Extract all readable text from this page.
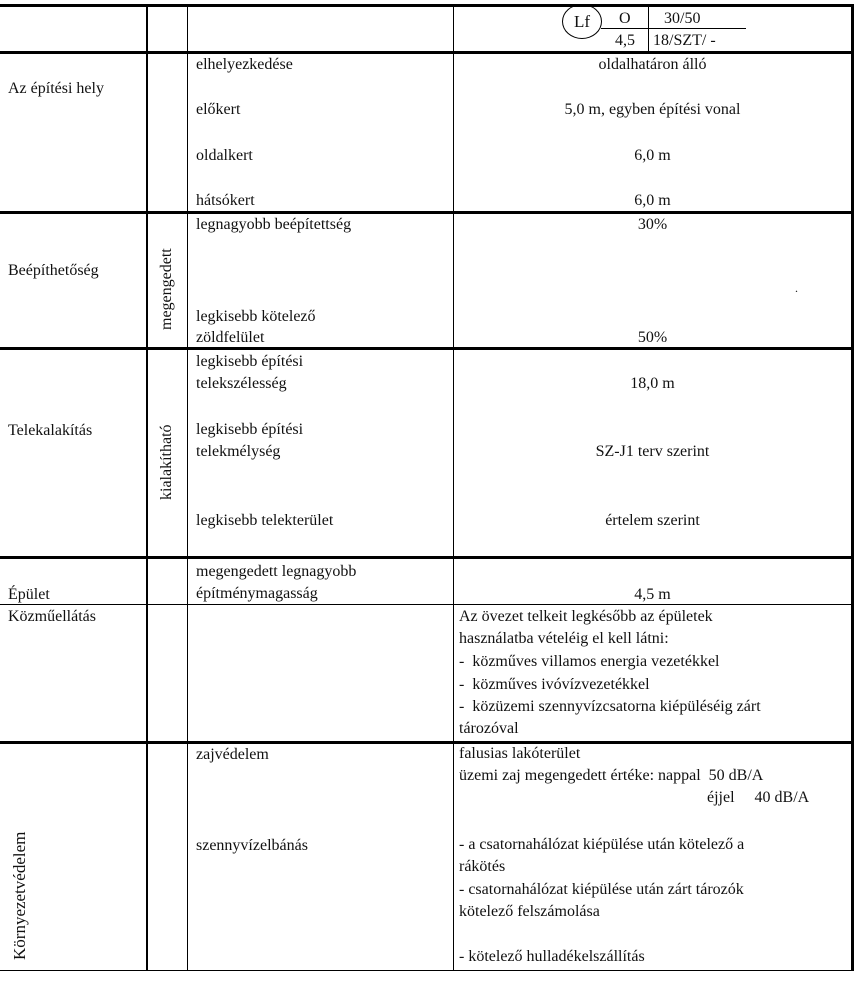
Lf	O 30/50
4,5 18/SZT/ -
Az építési hely
elhelyezkedése	oldalhatáron álló
előkert	5,0 m, egyben építési vonal
oldalkert	6,0 m
hátsókert	6,0 m
Beépíthetőség	megengedett
legnagyobb beépítettség	30%
.
legkisebb kötelező
zöldfelület	50%
Telekalakítás	kialakítható
legkisebb építési
telekszélesség	18,0 m
legkisebb építési
telekmélység	SZ-J1 terv szerint
legkisebb telekterület	értelem szerint
Épület
megengedett legnagyobb
építménymagasság	4,5 m
Közműellátás	Az övezet telkeit legkésőbb az épületek
használatba vételéig el kell látni:
-  közműves villamos energia vezetékkel
-  közműves ivóvízvezetékkel
-  közüzemi szennyvízcsatorna kiépüléséig zárt
tározóval
Környezetvédelem
zajvédelem	falusias lakóterület
üzemi zaj megengedett értéke: nappal  50 dB/A
éjjel     40 dB/A
szennyvízelbánás	- a csatornahálózat kiépülése után kötelező a
rákötés
- csatornahálózat kiépülése után zárt tározók
kötelező felszámolása
- kötelező hulladékelszállítás
